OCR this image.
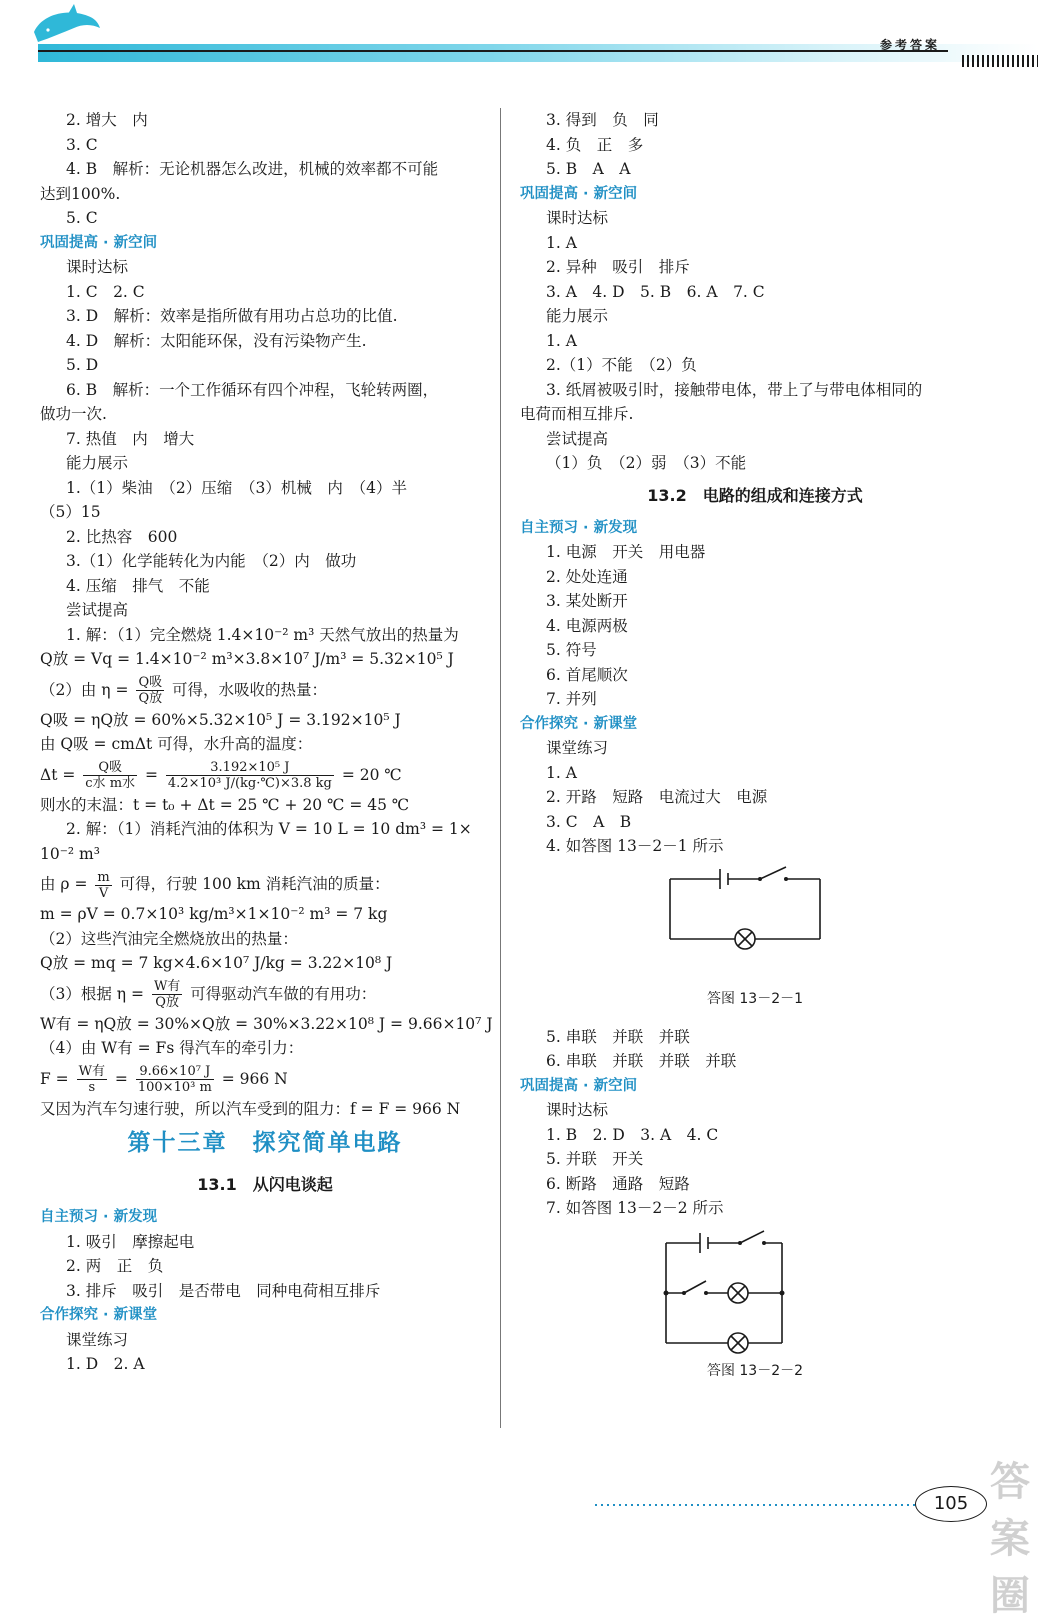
参考答案
2. 增大　内
3. C
4. B　解析：无论机器怎么改进，机械的效率都不可能
达到100%.
5. C
巩固提高 · 新空间
课时达标
1. C　2. C
3. D　解析：效率是指所做有用功占总功的比值.
4. D　解析：太阳能环保，没有污染物产生.
5. D
6. B　解析：一个工作循环有四个冲程，飞轮转两圈，
做功一次.
7. 热值　内　增大
能力展示
1.（1）柴油　（2）压缩　（3）机械　内　（4）半
（5）15
2. 比热容　600
3.（1）化学能转化为内能　（2）内　做功
4. 压缩　排气　不能
尝试提高
1. 解：（1）完全燃烧 1.4×10⁻² m³ 天然气放出的热量为
Q放 = Vq = 1.4×10⁻² m³×3.8×10⁷ J/m³ = 5.32×10⁵ J
（2）由 $\eta = \frac{\text{Q吸}}{\text{Q放}}$ 可得，水吸收的热量：
Q吸 = ηQ放 = 60%×5.32×10⁵ J = 3.192×10⁵ J
由 Q吸 = cmΔt 可得，水升高的温度：
$\Delta t = \frac{\text{Q吸}}{\text{c水 m水}} = \frac{\text{3.192×10⁵ J}}{\text{4.2×10³ J/(kg·℃)×3.8 kg}} = 20$ ℃
则水的末温：t = t₀ + Δt = 25 ℃ + 20 ℃ = 45 ℃
2. 解：（1）消耗汽油的体积为 V = 10 L = 10 dm³ = 1×
10⁻² m³
由 $\rho = \frac{m}{V}$ 可得，行驶 100 km 消耗汽油的质量：
m = ρV = 0.7×10³ kg/m³×1×10⁻² m³ = 7 kg
（2）这些汽油完全燃烧放出的热量：
Q放 = mq = 7 kg×4.6×10⁷ J/kg = 3.22×10⁸ J
（3）根据 $\eta = \frac{\text{W有}}{\text{Q放}}$ 可得驱动汽车做的有用功：
W有 = ηQ放 = 30%×Q放 = 30%×3.22×10⁸ J = 9.66×10⁷ J
（4）由 W有 = Fs 得汽车的牵引力：
$F = \frac{\text{W有}}{s} = \frac{\text{9.66×10⁷ J}}{\text{100×10³ m}} = 966$ N
又因为汽车匀速行驶，所以汽车受到的阻力：f = F = 966 N
第十三章　探究简单电路
13.1　从闪电谈起
自主预习 · 新发现
1. 吸引　摩擦起电
2. 两　正　负
3. 排斥　吸引　是否带电　同种电荷相互排斥
合作探究 · 新课堂
课堂练习
1. D　2. A
3. 得到　负　同
4. 负　正　多
5. B　A　A
巩固提高 · 新空间
课时达标
1. A
2. 异种　吸引　排斥
3. A　4. D　5. B　6. A　7. C
能力展示
1. A
2.（1）不能　（2）负
3. 纸屑被吸引时，接触带电体，带上了与带电体相同的
电荷而相互排斥.
尝试提高
（1）负　（2）弱　（3）不能
13.2　电路的组成和连接方式
自主预习 · 新发现
1. 电源　开关　用电器
2. 处处连通
3. 某处断开
4. 电源两极
5. 符号
6. 首尾顺次
7. 并列
合作探究 · 新课堂
课堂练习
1. A
2. 开路　短路　电流过大　电源
3. C　A　B
4. 如答图 13－2－1 所示
答图 13－2－1
5. 串联　并联　并联
6. 串联　并联　并联　并联
巩固提高 · 新空间
课时达标
1. B　2. D　3. A　4. C
5. 并联　开关
6. 断路　通路　短路
7. 如答图 13－2－2 所示
答图 13－2－2
105 答案圈
